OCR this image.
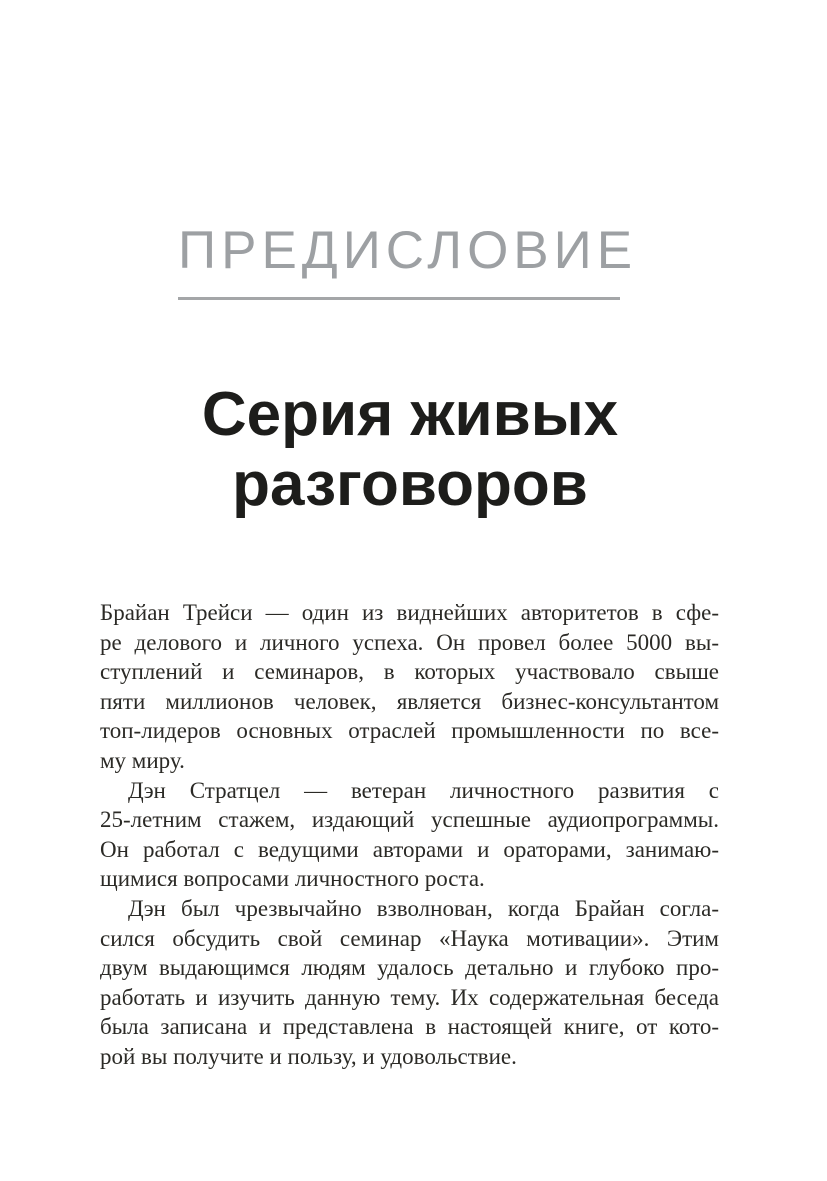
ПРЕДИСЛОВИЕ
Серия живых
разговоров
Брайан Трейси — один из виднейших авторитетов в сфе-
ре делового и личного успеха. Он провел более 5000 вы-
ступлений и семинаров, в которых участвовало свыше
пяти миллионов человек, является бизнес-консультантом
топ-лидеров основных отраслей промышленности по все-
му миру.
Дэн Стратцел — ветеран личностного развития с
25-летним стажем, издающий успешные аудиопрограммы.
Он работал с ведущими авторами и ораторами, занимаю-
щимися вопросами личностного роста.
Дэн был чрезвычайно взволнован, когда Брайан согла-
сился обсудить свой семинар «Наука мотивации». Этим
двум выдающимся людям удалось детально и глубоко про-
работать и изучить данную тему. Их содержательная беседа
была записана и представлена в настоящей книге, от кото-
рой вы получите и пользу, и удовольствие.
